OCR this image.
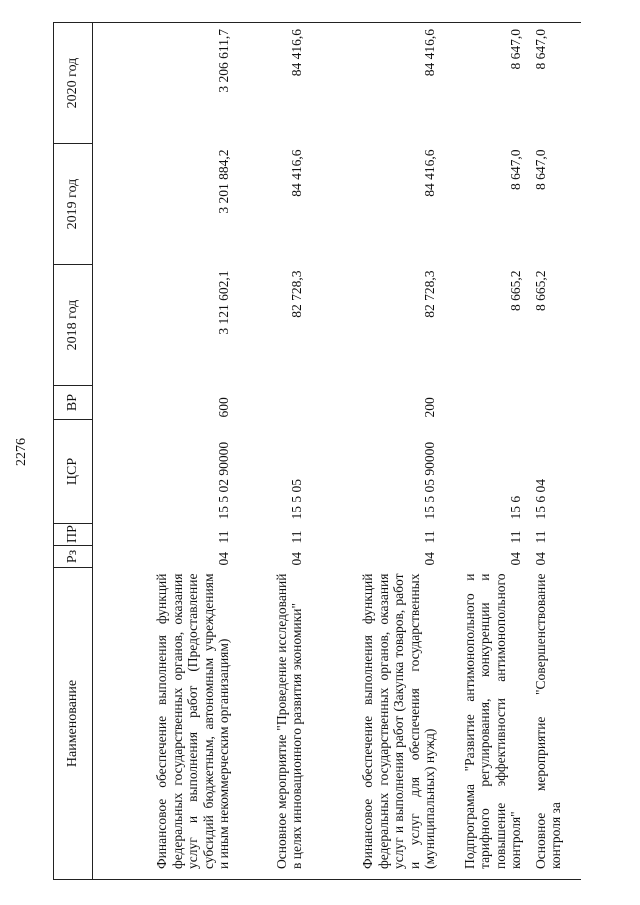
2276
Наименование	Рз	ПР	ЦСР	ВР	2018 год	2019 год	2020 год
Финансовое обеспечение выполнения функций федеральных государственных органов, оказания услуг и выполнения работ (Предоставление субсидий бюджетным, автономным учреждениям и иным некоммерческим организациям)	04	11	15 5 02 90000	600	3 121 602,1	3 201 884,2	3 206 611,7
Основное мероприятие "Проведение исследований в целях инновационного развития экономики"	04	11	15 5 05		82 728,3	84 416,6	84 416,6
Финансовое обеспечение выполнения функций федеральных государственных органов, оказания услуг и выполнения работ (Закупка товаров, работ и услуг для обеспечения государственных (муниципальных) нужд)	04	11	15 5 05 90000	200	82 728,3	84 416,6	84 416,6
Подпрограмма "Развитие антимонопольного и тарифного регулирования, конкуренции и повышение эффективности антимонопольного контроля"	04	11	15 6		8 665,2	8 647,0	8 647,0
Основное мероприятие "Совершенствование контроля за	04	11	15 6 04		8 665,2	8 647,0	8 647,0
